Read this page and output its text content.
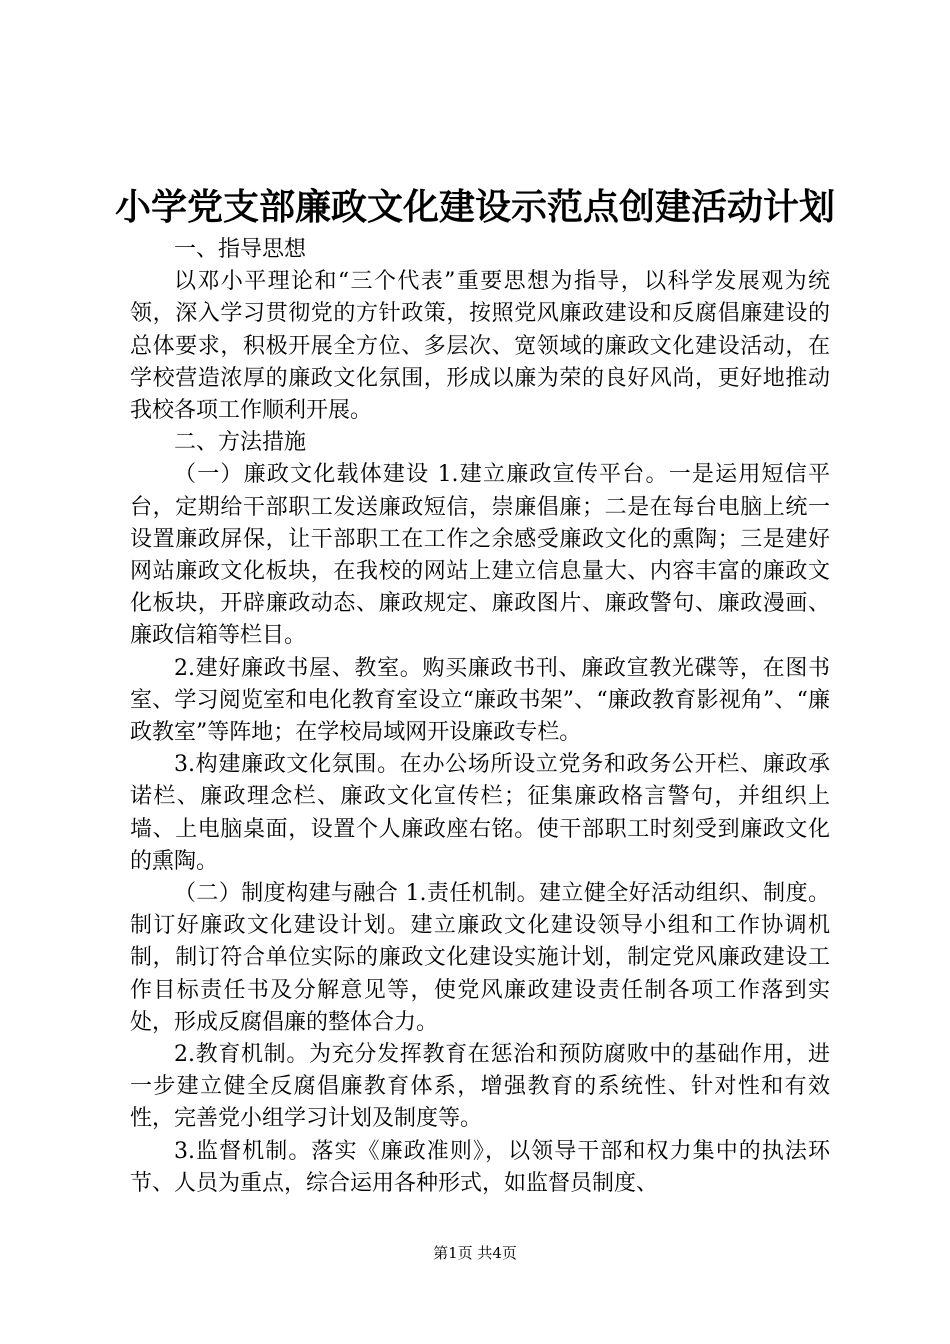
小学党支部廉政文化建设示范点创建活动计划

一、指导思想

以邓小平理论和“三个代表”重要思想为指导，以科学发展观为统领，深入学习贯彻党的方针政策，按照党风廉政建设和反腐倡廉建设的总体要求，积极开展全方位、多层次、宽领域的廉政文化建设活动，在学校营造浓厚的廉政文化氛围，形成以廉为荣的良好风尚，更好地推动我校各项工作顺利开展。

二、方法措施

（一）廉政文化载体建设 1.建立廉政宣传平台。一是运用短信平台，定期给干部职工发送廉政短信，崇廉倡廉；二是在每台电脑上统一设置廉政屏保，让干部职工在工作之余感受廉政文化的熏陶；三是建好网站廉政文化板块，在我校的网站上建立信息量大、内容丰富的廉政文化板块，开辟廉政动态、廉政规定、廉政图片、廉政警句、廉政漫画、廉政信箱等栏目。

2.建好廉政书屋、教室。购买廉政书刊、廉政宣教光碟等，在图书室、学习阅览室和电化教育室设立“廉政书架”、“廉政教育影视角”、“廉政教室”等阵地；在学校局域网开设廉政专栏。

3.构建廉政文化氛围。在办公场所设立党务和政务公开栏、廉政承诺栏、廉政理念栏、廉政文化宣传栏；征集廉政格言警句，并组织上墙、上电脑桌面，设置个人廉政座右铭。使干部职工时刻受到廉政文化的熏陶。

（二）制度构建与融合 1.责任机制。建立健全好活动组织、制度。制订好廉政文化建设计划。建立廉政文化建设领导小组和工作协调机制，制订符合单位实际的廉政文化建设实施计划，制定党风廉政建设工作目标责任书及分解意见等，使党风廉政建设责任制各项工作落到实处，形成反腐倡廉的整体合力。

2.教育机制。为充分发挥教育在惩治和预防腐败中的基础作用，进一步建立健全反腐倡廉教育体系，增强教育的系统性、针对性和有效性，完善党小组学习计划及制度等。

3.监督机制。落实《廉政准则》，以领导干部和权力集中的执法环节、人员为重点，综合运用各种形式，如监督员制度、

第1页 共4页
